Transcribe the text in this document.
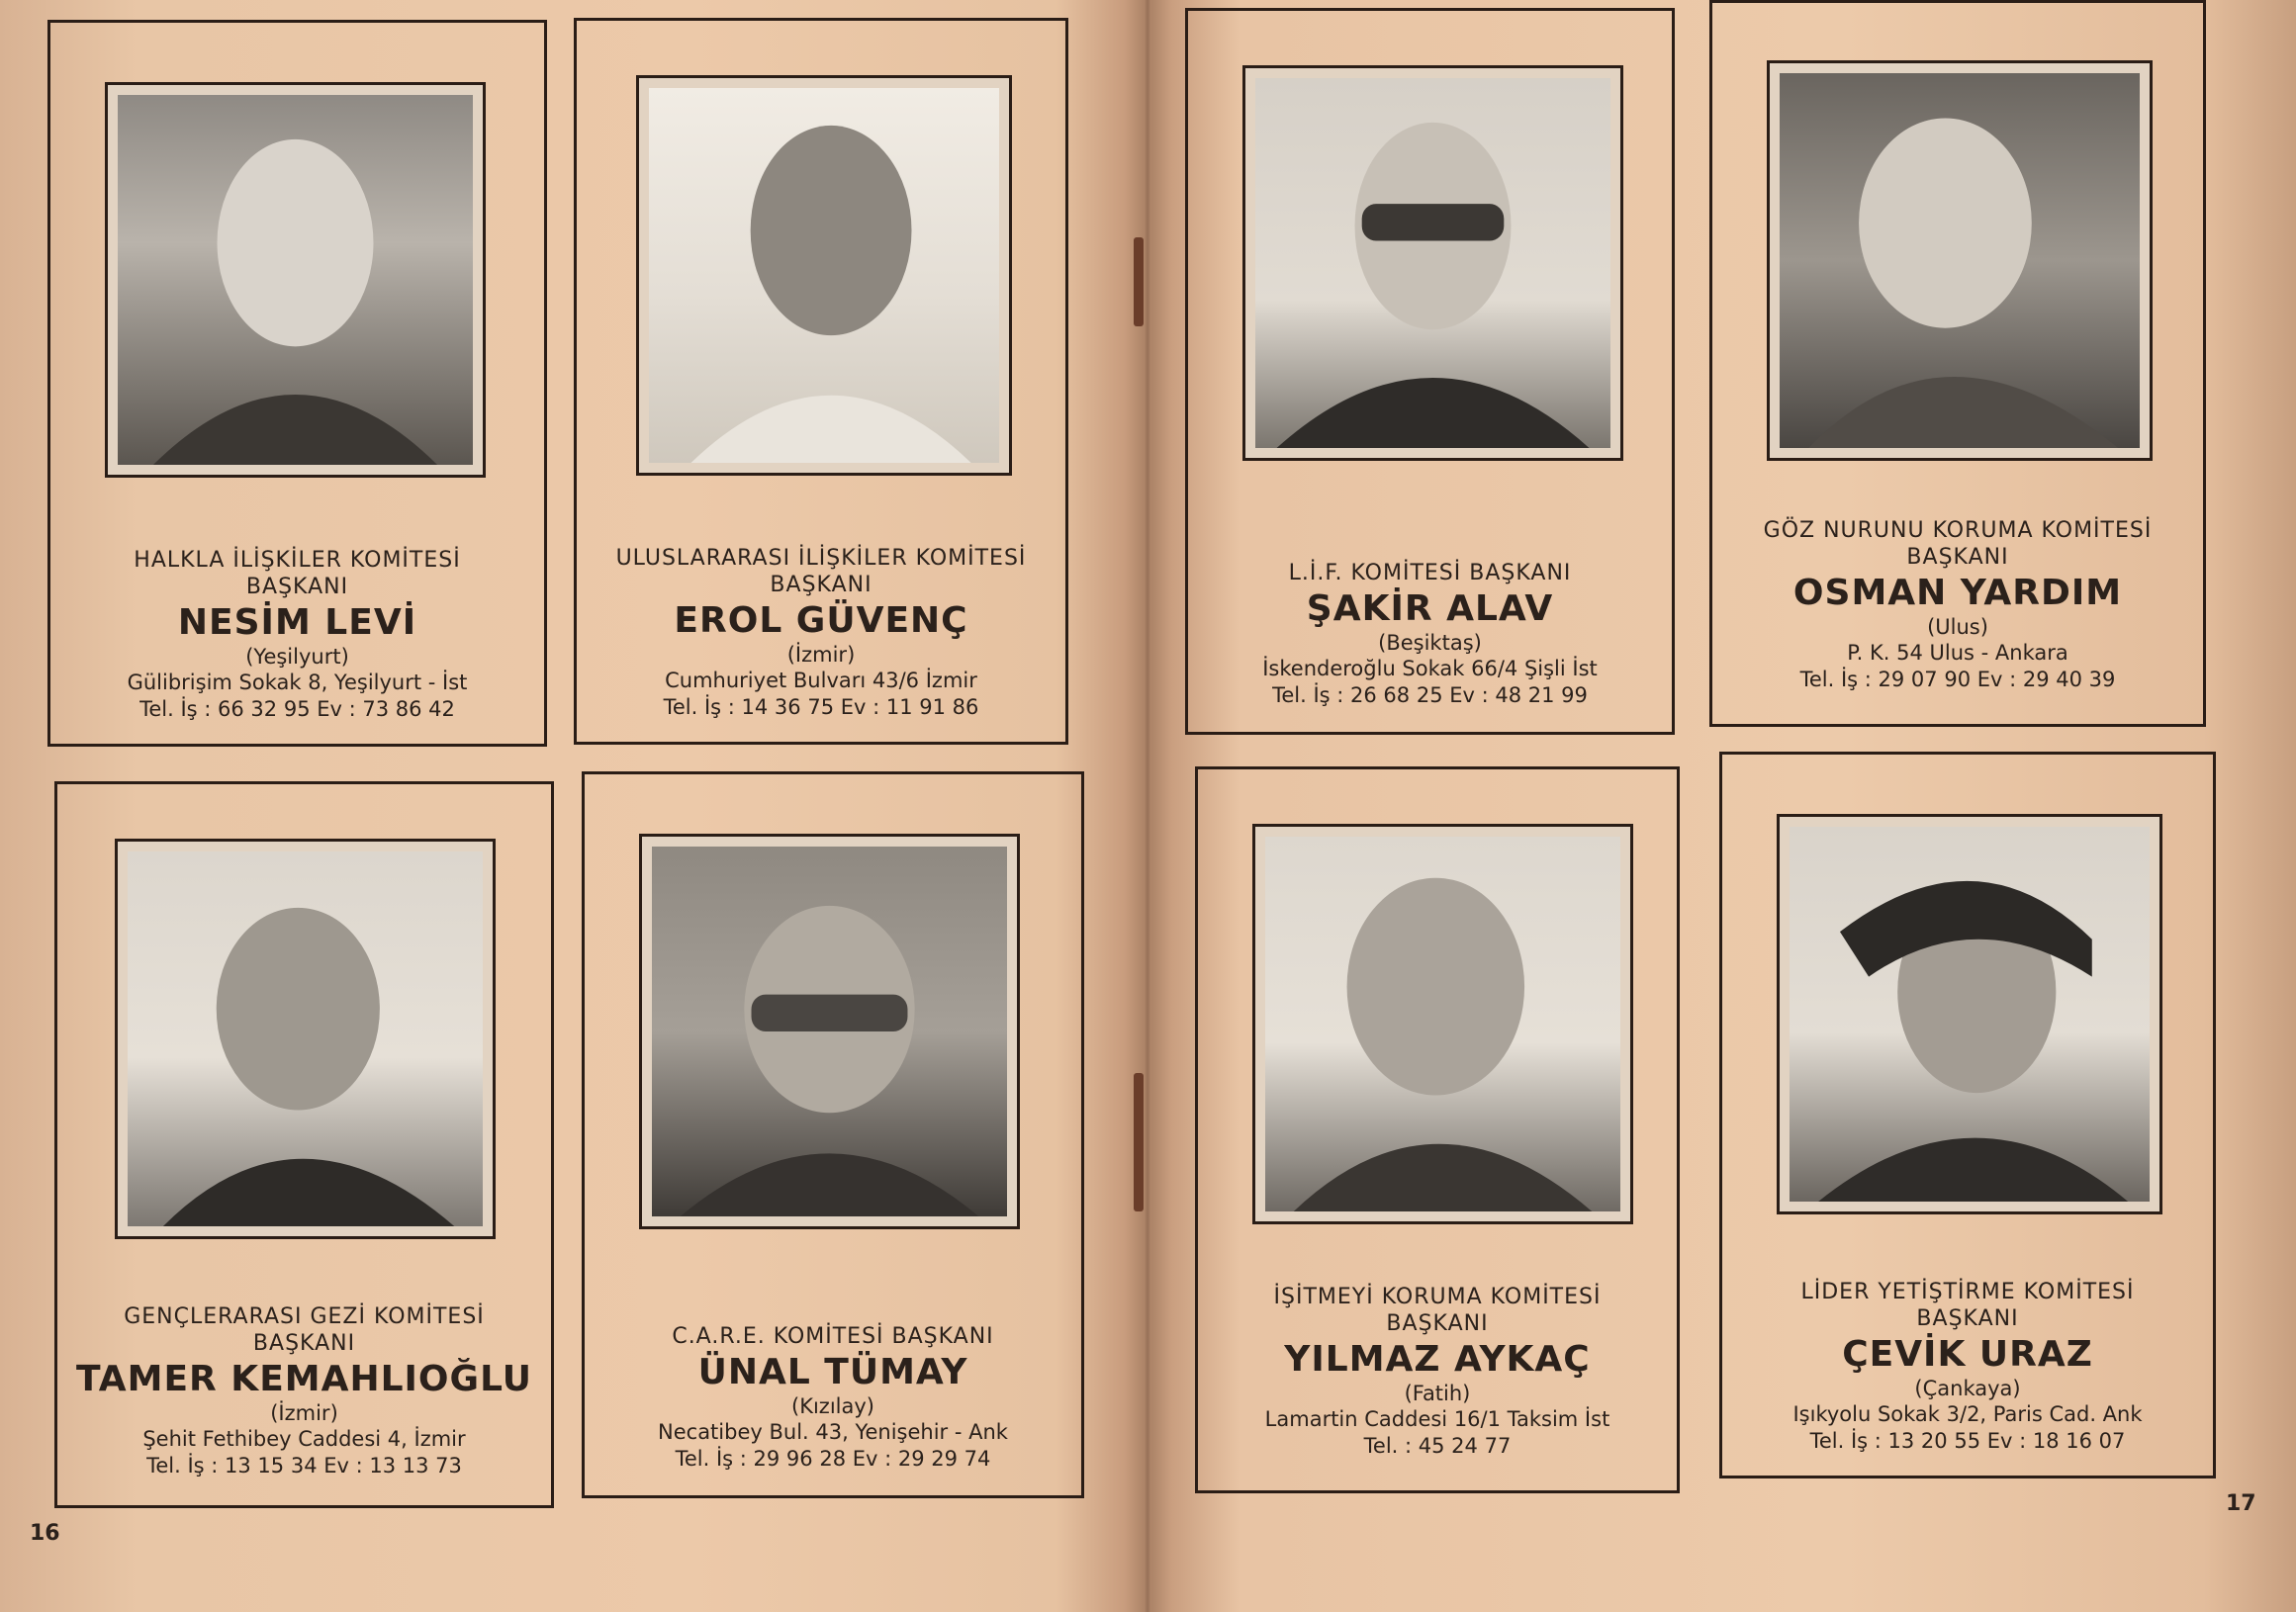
HALKLA İLİŞKİLER KOMİTESİ
BAŞKANI
NESİM LEVİ
(Yeşilyurt)
Gülibrişim Sokak 8, Yeşilyurt - İst
Tel. İş : 66 32 95 Ev : 73 86 42
ULUSLARARASI İLİŞKİLER KOMİTESİ
BAŞKANI
EROL GÜVENÇ
(İzmir)
Cumhuriyet Bulvarı 43/6 İzmir
Tel. İş : 14 36 75 Ev : 11 91 86
L.İ.F. KOMİTESİ BAŞKANI
ŞAKİR ALAV
(Beşiktaş)
İskenderoğlu Sokak 66/4 Şişli İst
Tel. İş : 26 68 25 Ev : 48 21 99
GÖZ NURUNU KORUMA KOMİTESİ
BAŞKANI
OSMAN YARDIM
(Ulus)
P. K. 54 Ulus - Ankara
Tel. İş : 29 07 90 Ev : 29 40 39
GENÇLERARASI GEZİ KOMİTESİ
BAŞKANI
TAMER KEMAHLIOĞLU
(İzmir)
Şehit Fethibey Caddesi 4, İzmir
Tel. İş : 13 15 34 Ev : 13 13 73
C.A.R.E. KOMİTESİ BAŞKANI
ÜNAL TÜMAY
(Kızılay)
Necatibey Bul. 43, Yenişehir - Ank
Tel. İş : 29 96 28 Ev : 29 29 74
İŞİTMEYİ KORUMA KOMİTESİ
BAŞKANI
YILMAZ AYKAÇ
(Fatih)
Lamartin Caddesi 16/1 Taksim İst
Tel. : 45 24 77
LİDER YETİŞTİRME KOMİTESİ
BAŞKANI
ÇEVİK URAZ
(Çankaya)
Işıkyolu Sokak 3/2, Paris Cad. Ank
Tel. İş : 13 20 55 Ev : 18 16 07
16
17
